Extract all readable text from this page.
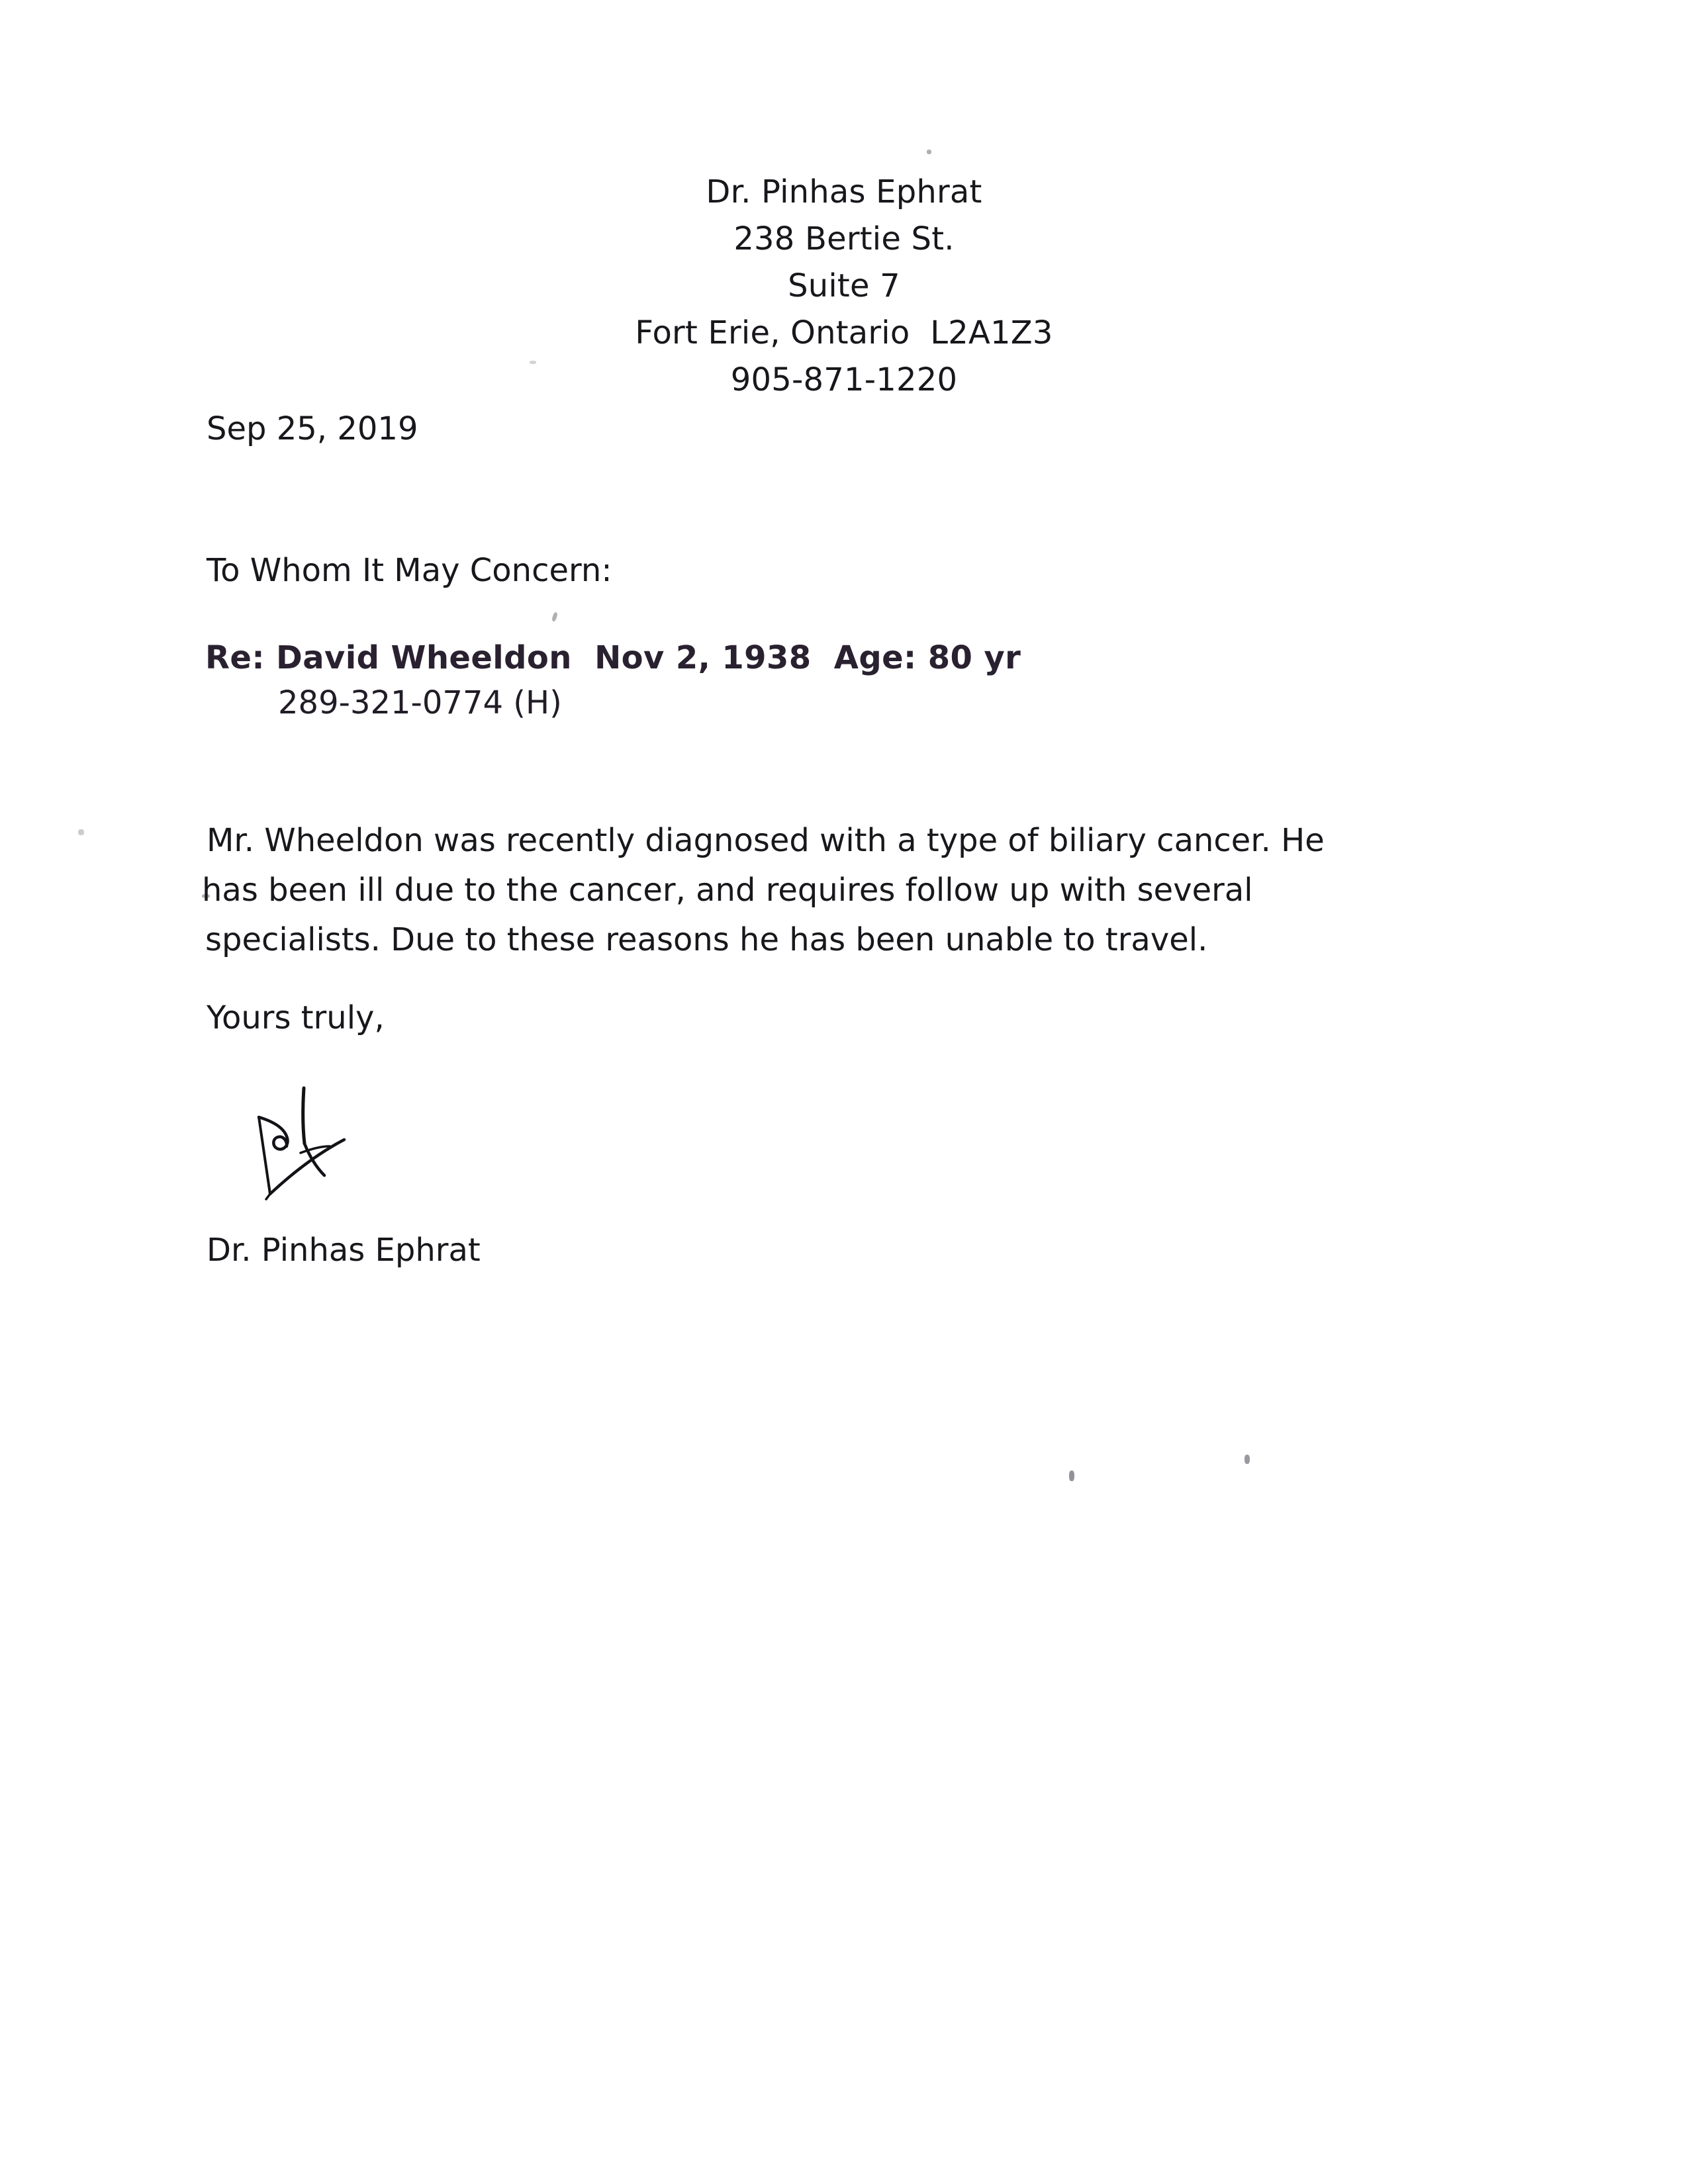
Dr. Pinhas Ephrat
238 Bertie St.
Suite 7
Fort Erie, Ontario  L2A1Z3
905-871-1220
Sep 25, 2019
To Whom It May Concern:
Re: David Wheeldon  Nov 2, 1938  Age: 80 yr
289-321-0774 (H)
Mr. Wheeldon was recently diagnosed with a type of biliary cancer. He
has been ill due to the cancer, and requires follow up with several
specialists. Due to these reasons he has been unable to travel.
Yours truly,
Dr. Pinhas Ephrat
